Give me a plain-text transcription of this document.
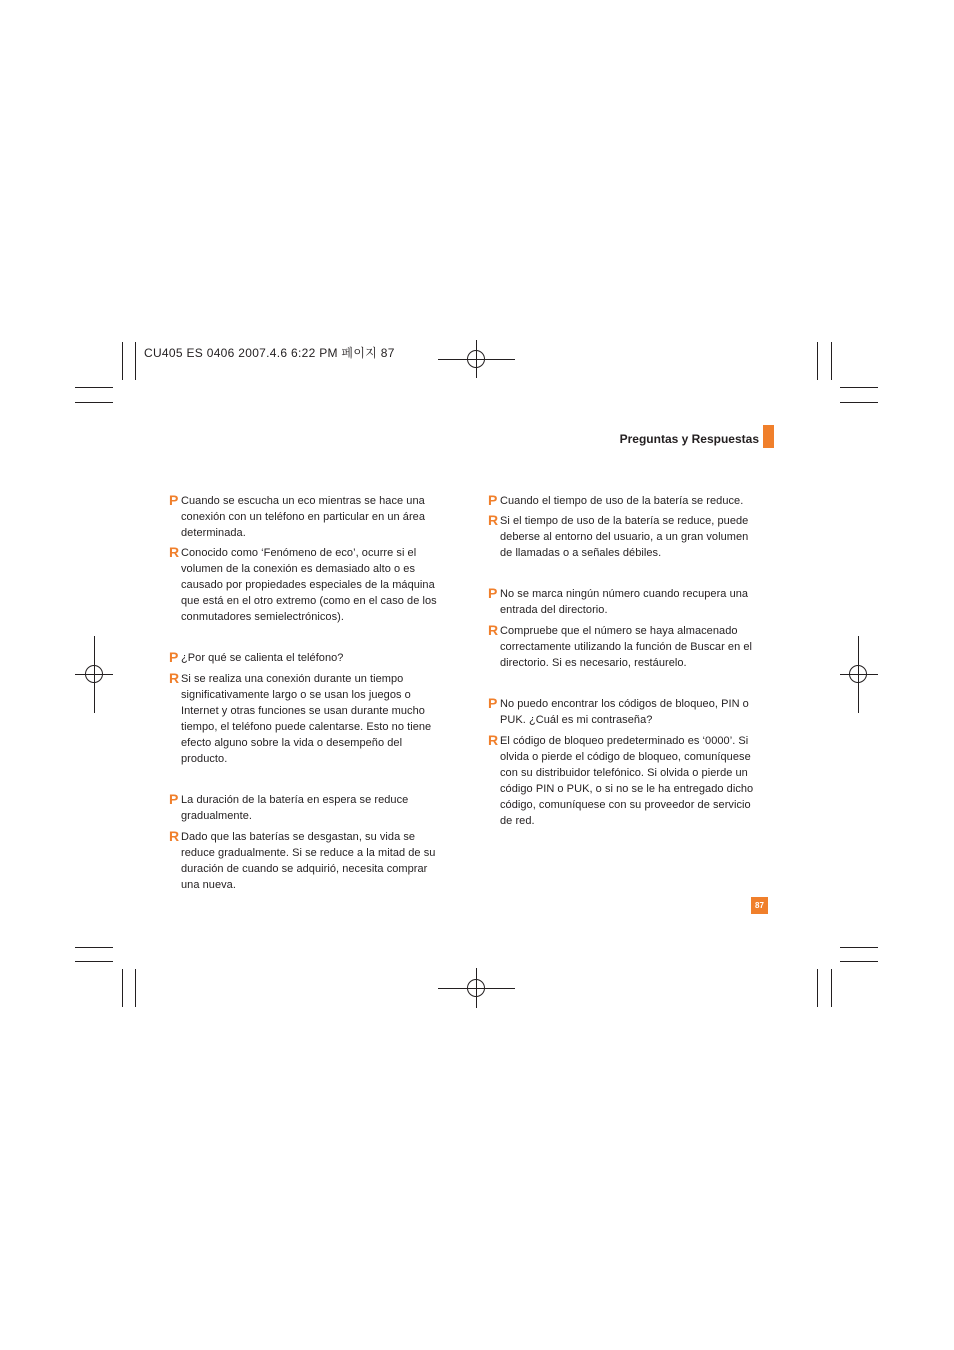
CU405 ES 0406 2007.4.6 6:22 PM 페이지 87
Preguntas y Respuestas
P Cuando se escucha un eco mientras se hace una
conexión con un teléfono en particular en un área
determinada.
R Conocido como ‘Fenómeno de eco’, ocurre si el
volumen de la conexión es demasiado alto o es
causado por propiedades especiales de la máquina
que está en el otro extremo (como en el caso de los
conmutadores semielectrónicos).
P ¿Por qué se calienta el teléfono?
R Si se realiza una conexión durante un tiempo
significativamente largo o se usan los juegos o
Internet y otras funciones se usan durante mucho
tiempo, el teléfono puede calentarse. Esto no tiene
efecto alguno sobre la vida o desempeño del
producto.
P La duración de la batería en espera se reduce
gradualmente.
R Dado que las baterías se desgastan, su vida se
reduce gradualmente. Si se reduce a la mitad de su
duración de cuando se adquirió, necesita comprar
una nueva.
P Cuando el tiempo de uso de la batería se reduce.
R Si el tiempo de uso de la batería se reduce, puede
deberse al entorno del usuario, a un gran volumen
de llamadas o a señales débiles.
P No se marca ningún número cuando recupera una
entrada del directorio.
R Compruebe que el número se haya almacenado
correctamente utilizando la función de Buscar en el
directorio. Si es necesario, restáurelo.
P No puedo encontrar los códigos de bloqueo, PIN o
PUK. ¿Cuál es mi contraseña?
R El código de bloqueo predeterminado es ‘0000’. Si
olvida o pierde el código de bloqueo, comuníquese
con su distribuidor telefónico. Si olvida o pierde un
código PIN o PUK, o si no se le ha entregado dicho
código, comuníquese con su proveedor de servicio
de red.
87
